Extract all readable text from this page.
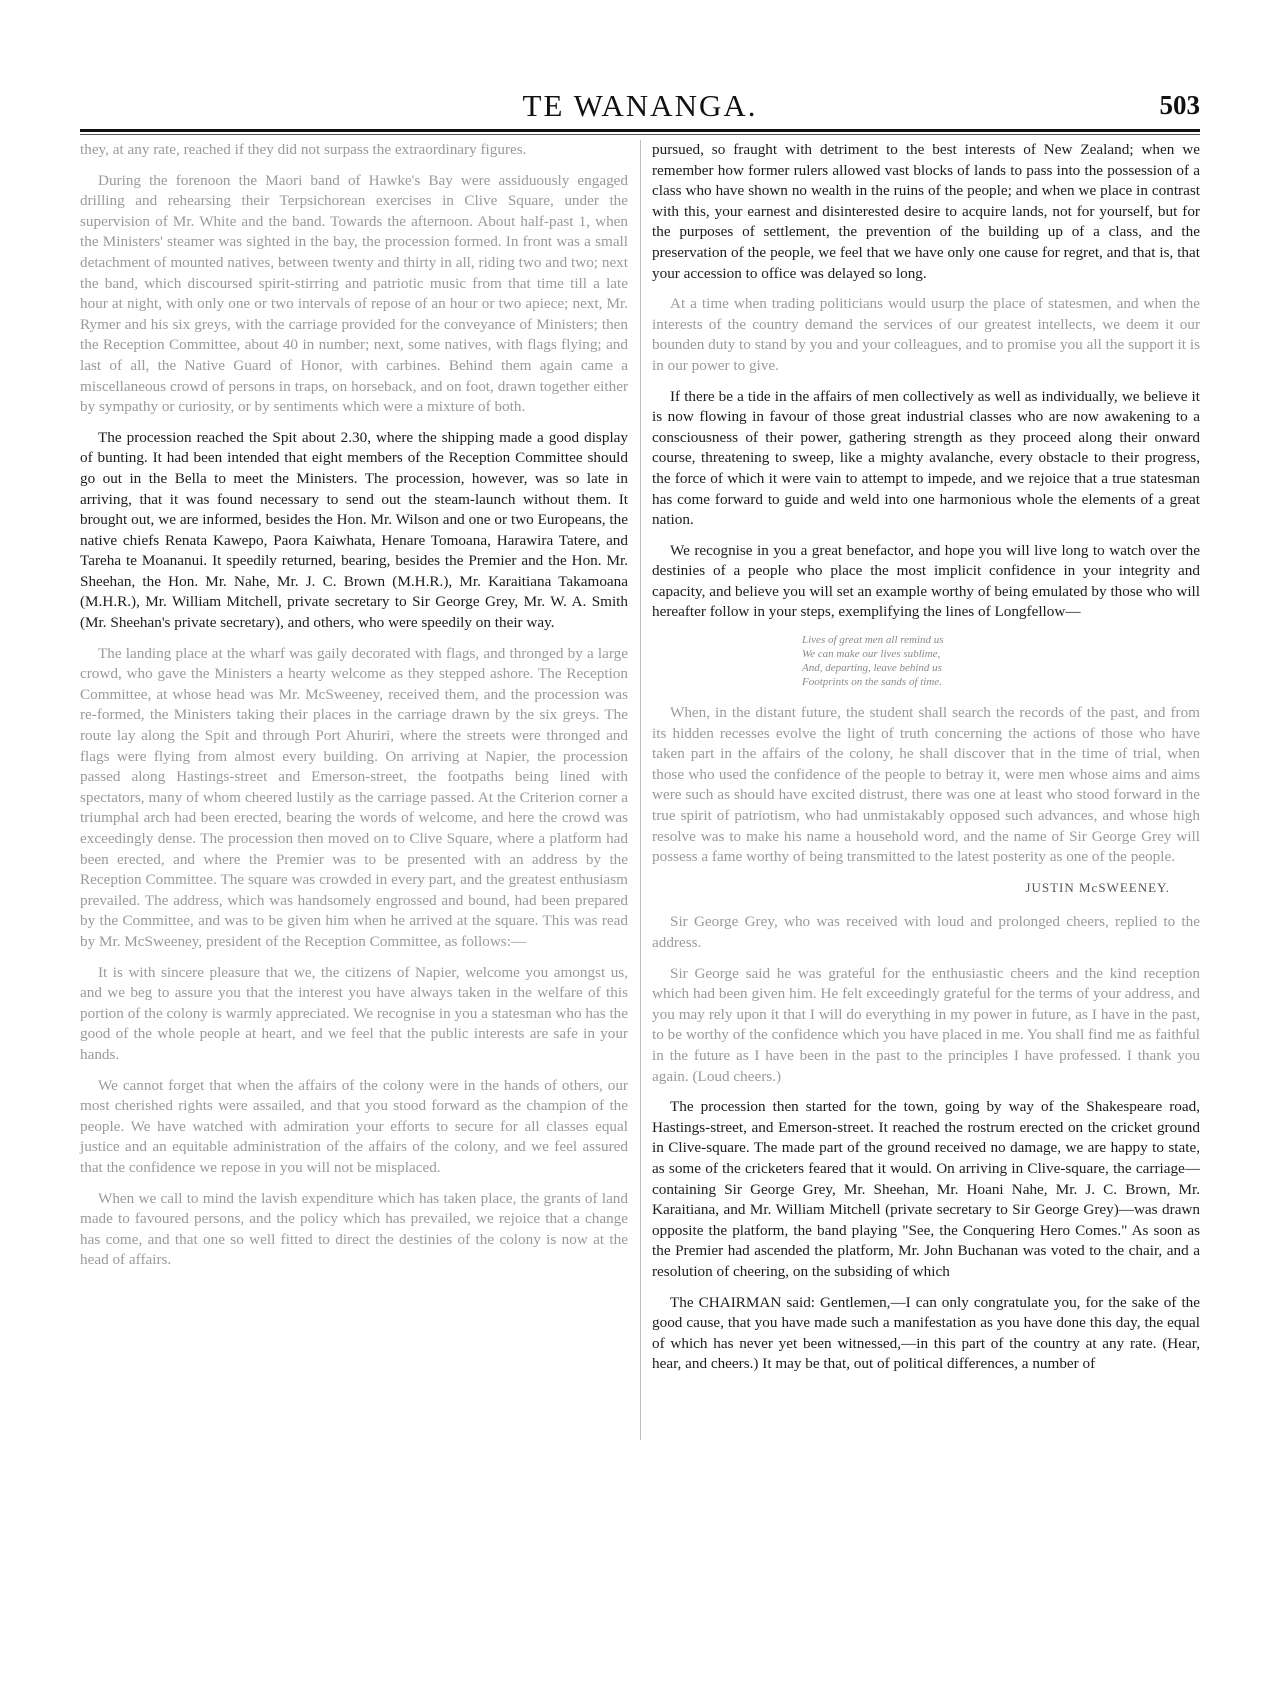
TE WANANGA.	503

they, at any rate, reached if they did not surpass the extraordinary figures.

During the forenoon the Maori band of Hawke's Bay were assiduously engaged drilling and rehearsing their Terpsichorean exercises in Clive Square, under the supervision of Mr. White and the band. Towards the afternoon. About half-past 1, when the Ministers' steamer was sighted in the bay, the procession formed. In front was a small detachment of mounted natives, between twenty and thirty in all, riding two and two; next the band, which discoursed spirit-stirring and patriotic music from that time till a late hour at night, with only one or two intervals of repose of an hour or two apiece; next, Mr. Rymer and his six greys, with the carriage provided for the conveyance of Ministers; then the Reception Committee, about 40 in number; next, some natives, with flags flying; and last of all, the Native Guard of Honor, with carbines. Behind them again came a miscellaneous crowd of persons in traps, on horseback, and on foot, drawn together either by sympathy or curiosity, or by sentiments which were a mixture of both.

The procession reached the Spit about 2.30, where the shipping made a good display of bunting. It had been intended that eight members of the Reception Committee should go out in the Bella to meet the Ministers. The procession, however, was so late in arriving, that it was found necessary to send out the steam-launch without them. It brought out, we are informed, besides the Hon. Mr. Wilson and one or two Europeans, the native chiefs Renata Kawepo, Paora Kaiwhata, Henare Tomoana, Harawira Tatere, and Tareha te Moananui. It speedily returned, bearing, besides the Premier and the Hon. Mr. Sheehan, the Hon. Mr. Nahe, Mr. J. C. Brown (M.H.R.), Mr. Karaitiana Takamoana (M.H.R.), Mr. William Mitchell, private secretary to Sir George Grey, Mr. W. A. Smith (Mr. Sheehan's private secretary), and others, who were speedily on their way.

The landing place at the wharf was gaily decorated with flags, and thronged by a large crowd, who gave the Ministers a hearty welcome as they stepped ashore. The Reception Committee, at whose head was Mr. McSweeney, received them, and the procession was re-formed, the Ministers taking their places in the carriage drawn by the six greys. The route lay along the Spit and through Port Ahuriri, where the streets were thronged and flags were flying from almost every building. On arriving at Napier, the procession passed along Hastings-street and Emerson-street, the footpaths being lined with spectators, many of whom cheered lustily as the carriage passed. At the Criterion corner a triumphal arch had been erected, bearing the words of welcome, and here the crowd was exceedingly dense. The procession then moved on to Clive Square, where a platform had been erected, and where the Premier was to be presented with an address by the Reception Committee. The square was crowded in every part, and the greatest enthusiasm prevailed. The address, which was handsomely engrossed and bound, had been prepared by the Committee, and was to be given him when he arrived at the square. This was read by Mr. McSweeney, president of the Reception Committee, as follows:—

It is with sincere pleasure that we, the citizens of Napier, welcome you amongst us, and we beg to assure you that the interest you have always taken in the welfare of this portion of the colony is warmly appreciated. We recognise in you a statesman who has the good of the whole people at heart, and we feel that the public interests are safe in your hands.

We cannot forget that when the affairs of the colony were in the hands of others, our most cherished rights were assailed, and that you stood forward as the champion of the people. We have watched with admiration your efforts to secure for all classes equal justice and an equitable administration of the affairs of the colony, and we feel assured that the confidence we repose in you will not be misplaced.

When we call to mind the lavish expenditure which has taken place, the grants of land made to favoured persons, and the policy which has prevailed, we rejoice that a change has come, and that one so well fitted to direct the destinies of the colony is now at the head of affairs.

pursued, so fraught with detriment to the best interests of New Zealand; when we remember how former rulers allowed vast blocks of lands to pass into the possession of a class who have shown no wealth in the ruins of the people; and when we place in contrast with this, your earnest and disinterested desire to acquire lands, not for yourself, but for the purposes of settlement, the prevention of the building up of a class, and the preservation of the people, we feel that we have only one cause for regret, and that is, that your accession to office was delayed so long.

At a time when trading politicians would usurp the place of statesmen, and when the interests of the country demand the services of our greatest intellects, we deem it our bounden duty to stand by you and your colleagues, and to promise you all the support it is in our power to give.

If there be a tide in the affairs of men collectively as well as individually, we believe it is now flowing in favour of those great industrial classes who are now awakening to a consciousness of their power, gathering strength as they proceed along their onward course, threatening to sweep, like a mighty avalanche, every obstacle to their progress, the force of which it were vain to attempt to impede, and we rejoice that a true statesman has come forward to guide and weld into one harmonious whole the elements of a great nation.

We recognise in you a great benefactor, and hope you will live long to watch over the destinies of a people who place the most implicit confidence in your integrity and capacity, and believe you will set an example worthy of being emulated by those who will hereafter follow in your steps, exemplifying the lines of Longfellow—

Lives of great men all remind us
We can make our lives sublime,
And, departing, leave behind us
Footprints on the sands of time.

When, in the distant future, the student shall search the records of the past, and from its hidden recesses evolve the light of truth concerning the actions of those who have taken part in the affairs of the colony, he shall discover that in the time of trial, when those who used the confidence of the people to betray it, were men whose aims and aims were such as should have excited distrust, there was one at least who stood forward in the true spirit of patriotism, who had unmistakably opposed such advances, and whose high resolve was to make his name a household word, and the name of Sir George Grey will possess a fame worthy of being transmitted to the latest posterity as one of the people.

JUSTIN McSWEENEY.

Sir George Grey, who was received with loud and prolonged cheers, replied to the address.

Sir George said he was grateful for the enthusiastic cheers and the kind reception which had been given him. He felt exceedingly grateful for the terms of your address, and you may rely upon it that I will do everything in my power in future, as I have in the past, to be worthy of the confidence which you have placed in me. You shall find me as faithful in the future as I have been in the past to the principles I have professed. I thank you again. (Loud cheers.)

The procession then started for the town, going by way of the Shakespeare road, Hastings-street, and Emerson-street. It reached the rostrum erected on the cricket ground in Clive-square. The made part of the ground received no damage, we are happy to state, as some of the cricketers feared that it would. On arriving in Clive-square, the carriage—containing Sir George Grey, Mr. Sheehan, Mr. Hoani Nahe, Mr. J. C. Brown, Mr. Karaitiana, and Mr. William Mitchell (private secretary to Sir George Grey)—was drawn opposite the platform, the band playing "See, the Conquering Hero Comes." As soon as the Premier had ascended the platform, Mr. John Buchanan was voted to the chair, and a resolution of cheering, on the subsiding of which

The CHAIRMAN said: Gentlemen,—I can only congratulate you, for the sake of the good cause, that you have made such a manifestation as you have done this day, the equal of which has never yet been witnessed,—in this part of the country at any rate. (Hear, hear, and cheers.) It may be that, out of political differences, a number of
